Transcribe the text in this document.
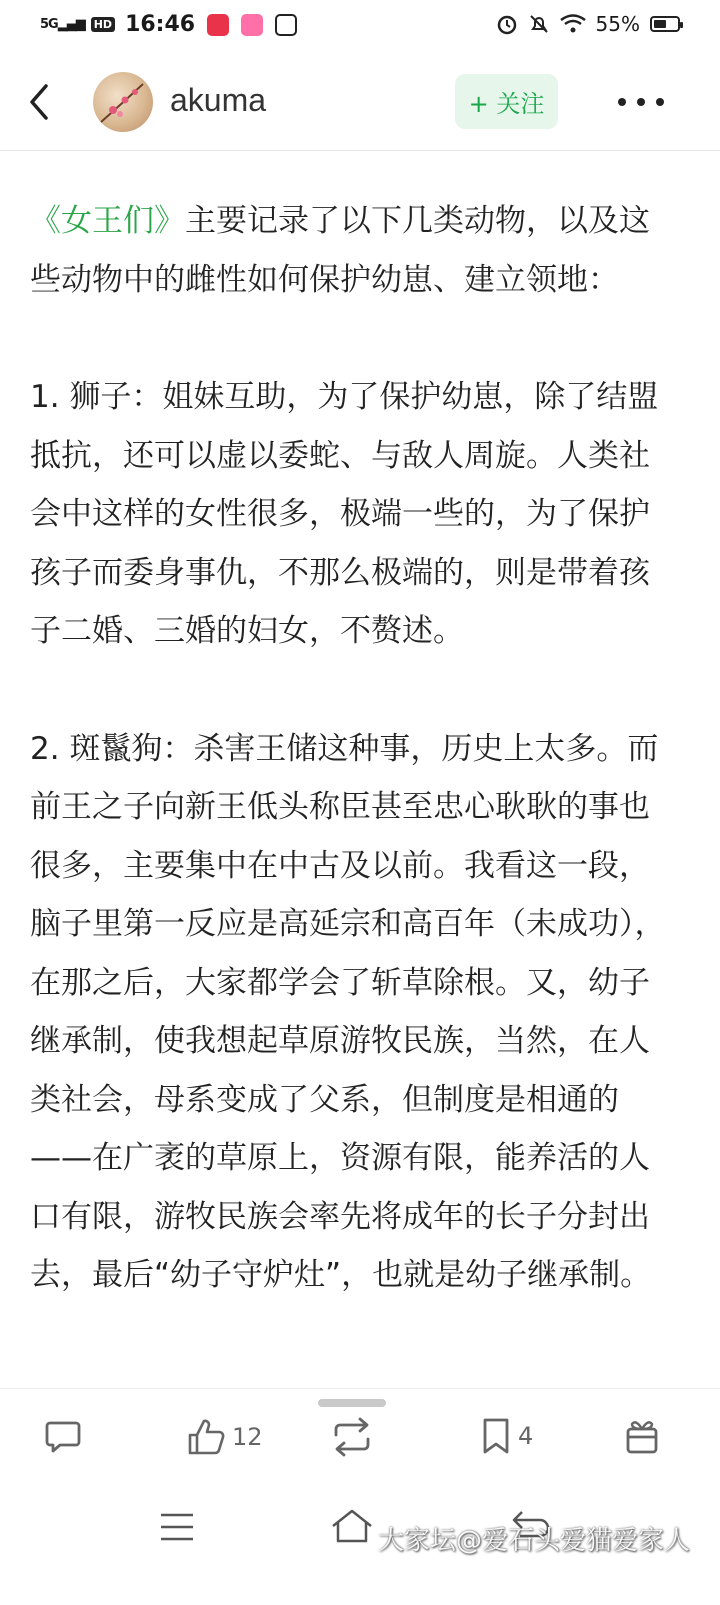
5G▂▄▆ HD 16:46	55%
akuma	+ 关注

《女王们》主要记录了以下几类动物，以及这些动物中的雌性如何保护幼崽、建立领地：

1. 狮子：姐妹互助，为了保护幼崽，除了结盟抵抗，还可以虚以委蛇、与敌人周旋。人类社会中这样的女性很多，极端一些的，为了保护孩子而委身事仇，不那么极端的，则是带着孩子二婚、三婚的妇女，不赘述。

2. 斑鬣狗：杀害王储这种事，历史上太多。而前王之子向新王低头称臣甚至忠心耿耿的事也很多，主要集中在中古及以前。我看这一段，脑子里第一反应是高延宗和高百年（未成功），在那之后，大家都学会了斩草除根。又，幼子继承制，使我想起草原游牧民族，当然，在人类社会，母系变成了父系，但制度是相通的——在广袤的草原上，资源有限，能养活的人口有限，游牧民族会率先将成年的长子分封出去，最后“幼子守炉灶”，也就是幼子继承制。

12	4
大家坛@爱石头爱猫爱家人
